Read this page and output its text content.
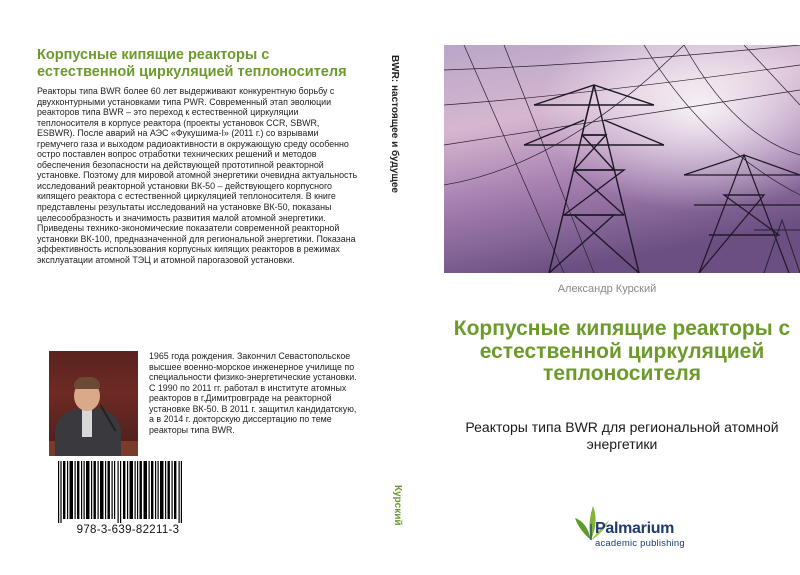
Корпусные кипящие реакторы с естественной циркуляцией теплоносителя
Реакторы типа BWR более 60 лет выдерживают конкурентную борьбу с двухконтурными установками типа PWR. Современный этап эволюции реакторов типа BWR – это переход к естественной циркуляции теплоносителя в корпусе реактора (проекты установок CCR, SBWR, ESBWR). После аварий на АЭС «Фукушима-I» (2011 г.) со взрывами гремучего газа и выходом радиоактивности в окружающую среду особенно остро поставлен вопрос отработки технических решений и методов обеспечения безопасности на действующей прототипной реакторной установке. Поэтому для мировой атомной энергетики очевидна актуальность исследований реакторной установки ВК-50 – действующего корпусного кипящего реактора с естественной циркуляцией теплоносителя. В книге представлены результаты исследований на установке ВК-50, показаны целесообразность и значимость развития малой атомной энергетики. Приведены технико-экономические показатели современной реакторной установки ВК-100, предназначенной для региональной энергетики. Показана эффективность использования корпусных кипящих реакторов в режимах эксплуатации атомной ТЭЦ и атомной парогазовой установки.
1965 года рождения. Закончил Севастопольское высшее военно-морское инженерное училище по специальности физико-энергетические установки. С 1990 по 2011 гг. работал в институте атомных реакторов в г.Димитровграде на реакторной установке ВК-50. В 2011 г. защитил кандидатскую, а в 2014 г. докторскую диссертацию по теме реакторы типа BWR.
978-3-639-82211-3
BWR: настоящее и будущее
Курский
Александр Курский
Корпусные кипящие реакторы с естественной циркуляцией теплоносителя
Реакторы типа BWR для региональной атомной энергетики
Palmarium
academic publishing
